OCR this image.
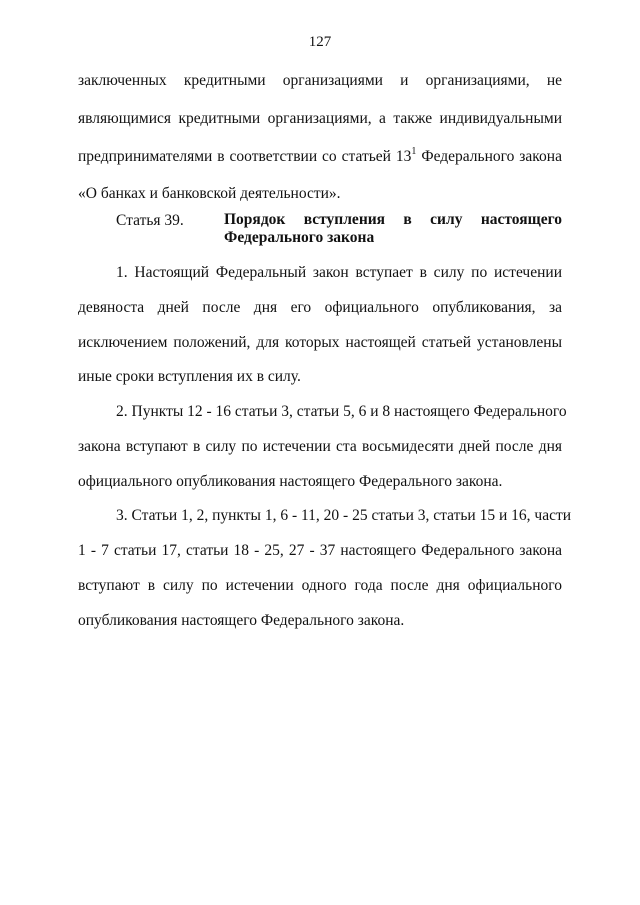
127
заключенных кредитными организациями и организациями, не
являющимися кредитными организациями, а также индивидуальными
предпринимателями в соответствии со статьей $13^1$ Федерального закона
«О банках и банковской деятельности».
Статья 39.	Порядок вступления в силу настоящего
Федерального закона
1. Настоящий Федеральный закон вступает в силу по истечении
девяноста дней после дня его официального опубликования, за
исключением положений, для которых настоящей статьей установлены
иные сроки вступления их в силу.
2. Пункты 12 - 16 статьи 3, статьи 5, 6 и 8 настоящего Федерального
закона вступают в силу по истечении ста восьмидесяти дней после дня
официального опубликования настоящего Федерального закона.
3. Статьи 1, 2, пункты 1, 6 - 11, 20 - 25 статьи 3, статьи 15 и 16, части
1 - 7 статьи 17, статьи 18 - 25, 27 - 37 настоящего Федерального закона
вступают в силу по истечении одного года после дня официального
опубликования настоящего Федерального закона.
